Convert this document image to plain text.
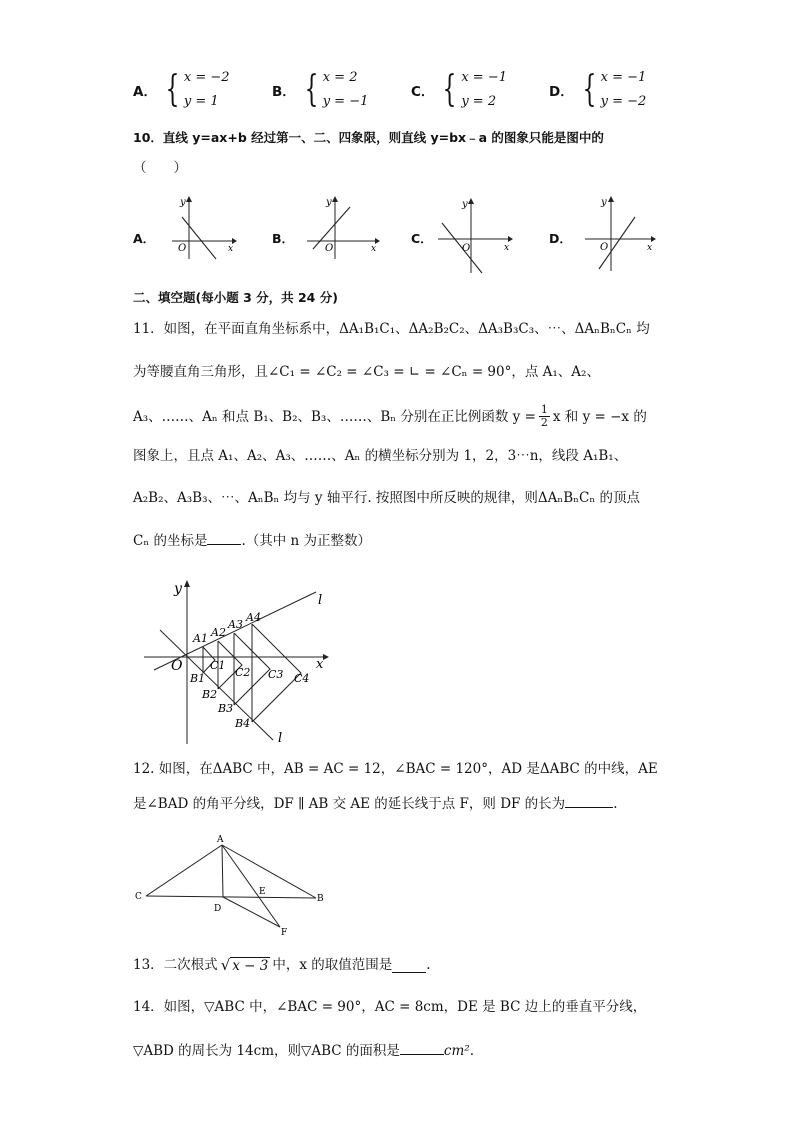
A． { x = −2
y = 1
B． { x = 2
y = −1
C． { x = −1
y = 2
D． { x = −1
y = −2
10．直线 y=ax+b 经过第一、二、四象限，则直线 y=bx﹣a 的图象只能是图中的
（　　）
A．
y
x
O
B．
y
x
O
C．
y
x
O
D．
y
x
O
二、填空题(每小题 3 分，共 24 分)
11．如图，在平面直角坐标系中，ΔA₁B₁C₁、ΔA₂B₂C₂、ΔA₃B₃C₃、⋯、ΔAₙBₙCₙ 均
为等腰直角三角形，且∠C₁ = ∠C₂ = ∠C₃ = ∟ = ∠Cₙ = 90°，点 A₁、A₂、
A₃、……、Aₙ 和点 B₁、B₂、B₃、……、Bₙ 分别在正比例函数 $y = \frac{1}{2}$ x 和 y = −x 的
图象上，且点 A₁、A₂、A₃、……、Aₙ 的横坐标分别为 1，2，3⋯n，线段 A₁B₁、
A₂B₂、A₃B₃、⋯、AₙBₙ 均与 y 轴平行. 按照图中所反映的规律，则ΔAₙBₙCₙ 的顶点
Cₙ 的坐标是	.（其中 n 为正整数）
y
x
O
l
l
A1 A2
A3
A4
C1
C2 C3 C4
B1
B2
B3
B4
12. 如图，在ΔABC 中，AB = AC = 12，∠BAC = 120°，AD 是ΔABC 的中线，AE
是∠BAD 的角平分线，DF ∥ AB 交 AE 的延长线于点 F，则 DF 的长为	.
A
C	B
D
E
F
13．二次根式 √ x − 3 中，x 的取值范围是	.
14．如图，▽ABC 中，∠BAC = 90°，AC = 8cm，DE 是 BC 边上的垂直平分线，
▽ABD 的周长为 14cm，则▽ABC 的面积是	cm².
